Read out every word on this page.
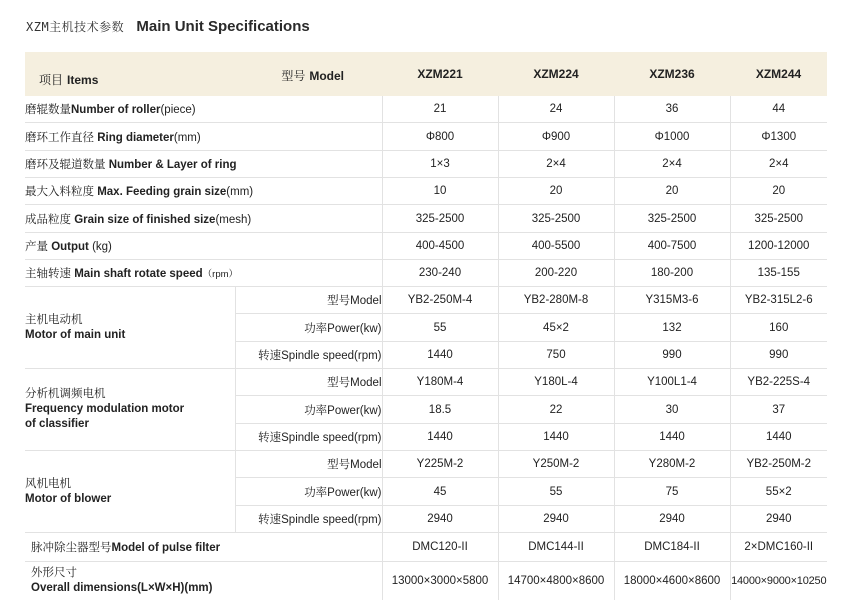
XZM主机技术参数 Main Unit Specifications
项目 Items 型号 Model		XZM221	XZM224	XZM236	XZM244
磨辊数量Number of roller(piece)		21	24	36	44
磨环工作直径 Ring diameter(mm)		Φ800	Φ900	Φ1000	Φ1300
磨环及辊道数量 Number & Layer of ring		1×3	2×4	2×4	2×4
最大入料粒度 Max. Feeding grain size(mm)		10	20	20	20
成品粒度 Grain size of finished size(mesh)		325-2500	325-2500	325-2500	325-2500
产量 Output (kg)		400-4500	400-5500	400-7500	1200-12000
主轴转速 Main shaft rotate speed（rpm）		230-240	200-220	180-200	135-155

主机电动机
Motor of main unit	型号Model	YB2-250M-4	YB2-280M-8	Y315M3-6	YB2-315L2-6
	功率Power(kw)	55	45×2	132	160
	转速Spindle speed(rpm)	1440	750	990	990

分析机调频电机
Frequency modulation motor
of classifier	型号Model	Y180M-4	Y180L-4	Y100L1-4	YB2-225S-4
	功率Power(kw)	18.5	22	30	37
	转速Spindle speed(rpm)	1440	1440	1440	1440

风机电机
Motor of blower	型号Model	Y225M-2	Y250M-2	Y280M-2	YB2-250M-2
	功率Power(kw)	45	55	75	55×2
	转速Spindle speed(rpm)	2940	2940	2940	2940
脉冲除尘器型号Model of pulse filter		DMC120-II	DMC144-II	DMC184-II	2×DMC160-II

外形尺寸
Overall dimensions(L×W×H)(mm)		13000×3000×5800	14700×4800×8600	18000×4600×8600	14000×9000×10250
